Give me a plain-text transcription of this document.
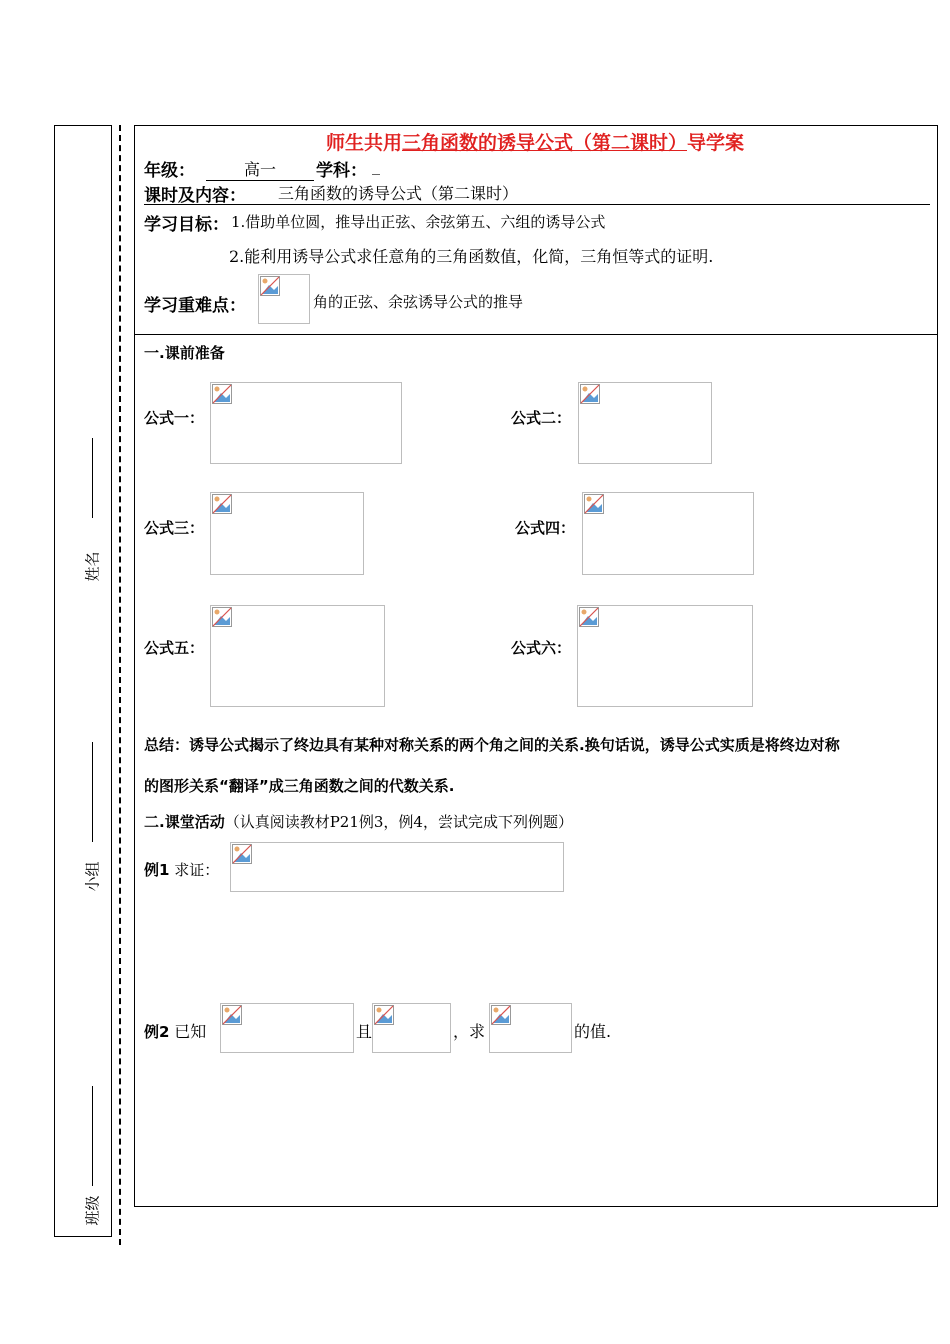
姓名
小组
班级
师生共用三角函数的诱导公式（第二课时）导学案
年级：	高一	学科： _
课时及内容：	三角函数的诱导公式（第二课时）
学习目标： 1.借助单位圆，推导出正弦、余弦第五、六组的诱导公式
2.能利用诱导公式求任意角的三角函数值，化简，三角恒等式的证明.
学习重难点：	角的正弦、余弦诱导公式的推导
一.课前准备
公式一：	公式二：
公式三：	公式四：
公式五：	公式六：
总结：诱导公式揭示了终边具有某种对称关系的两个角之间的关系.换句话说，诱导公式实质是将终边对称
的图形关系“翻译”成三角函数之间的代数关系.
二.课堂活动（认真阅读教材P21例3，例4，尝试完成下列例题）
例1 求证：
例2 已知	且	，求	的值.
